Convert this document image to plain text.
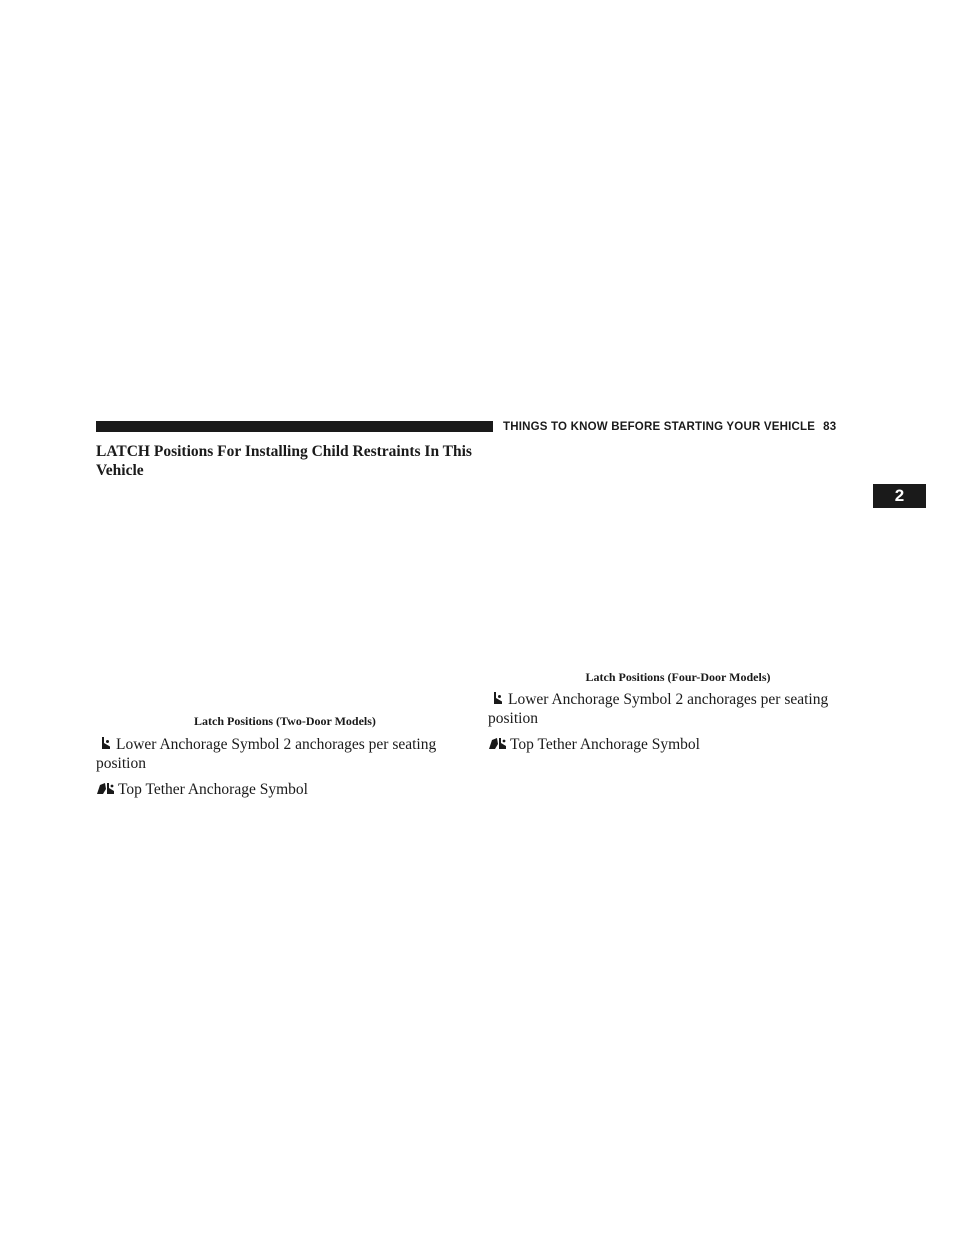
THINGS TO KNOW BEFORE STARTING YOUR VEHICLE 83
2
LATCH Positions For Installing Child Restraints In This Vehicle
Latch Positions (Two-Door Models)

Lower Anchorage Symbol 2 anchorages per seating position

Top Tether Anchorage Symbol

Latch Positions (Four-Door Models)

Lower Anchorage Symbol 2 anchorages per seating position

Top Tether Anchorage Symbol
